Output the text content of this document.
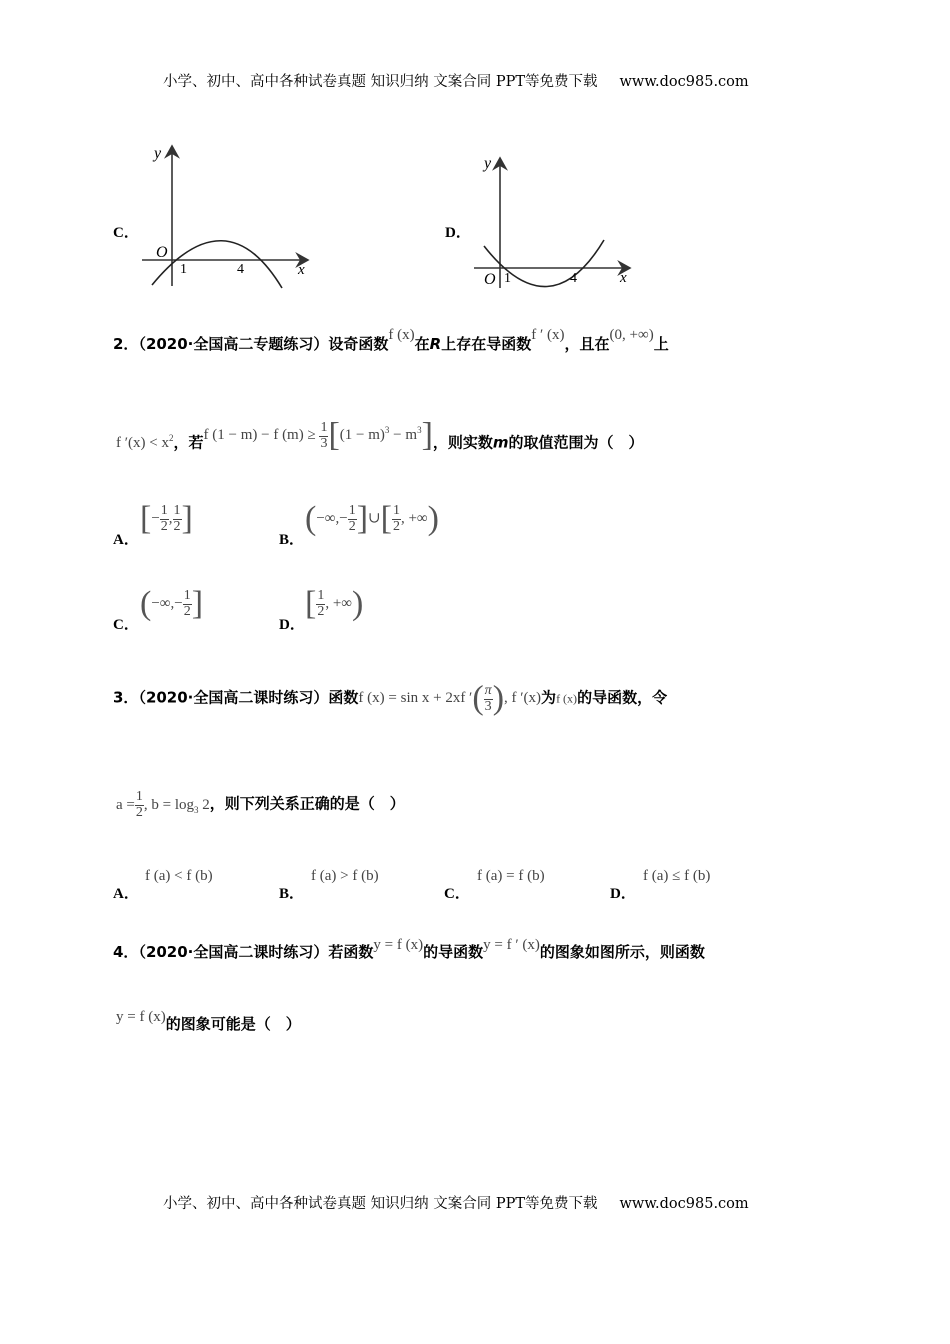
小学、初中、高中各种试卷真题 知识归纳 文案合同 PPT等免费下载 www.doc985.com
C．
y
O
1	4	x
D．
y
O 1	4	x
2．（2020·全国高二专题练习）设奇函数f (x)在R上存在导函数f ′ (x)，且在(0, +∞)上
f $'(x) < x^2$，若f (1 − m) − f $(m) \ge \frac{1}{3} [(1 - m)^3 - m^3]$，则实数m的取值范围为（　）
A．
[− $\frac{1}{2}$ , $\frac{1}{2}$ ]
B．
(−∞,− $\frac{1}{2}$ ]∪[ $\frac{1}{2}$ , +∞)
C．
(−∞,− $\frac{1}{2}$ ]
D．
[ $\frac{1}{2}$ , +∞)
3．（2020·全国高二课时练习）函数f (x) = sin x + 2xf ′( $\frac{\pi}{3}$ ), f ′(x)为f (x)的导函数，令
$a = \frac{1}{2}$ , $b = \log_3 2$，则下列关系正确的是（　）
A．
f (a) < f (b)
B．
f (a) > f (b)
C．
f (a) = f (b)
D．
f (a) ≤ f (b)
4．（2020·全国高二课时练习）若函数y = f (x)的导函数y = f ′ (x)的图象如图所示，则函数
y = f (x)的图象可能是（　）
小学、初中、高中各种试卷真题 知识归纳 文案合同 PPT等免费下载 www.doc985.com
